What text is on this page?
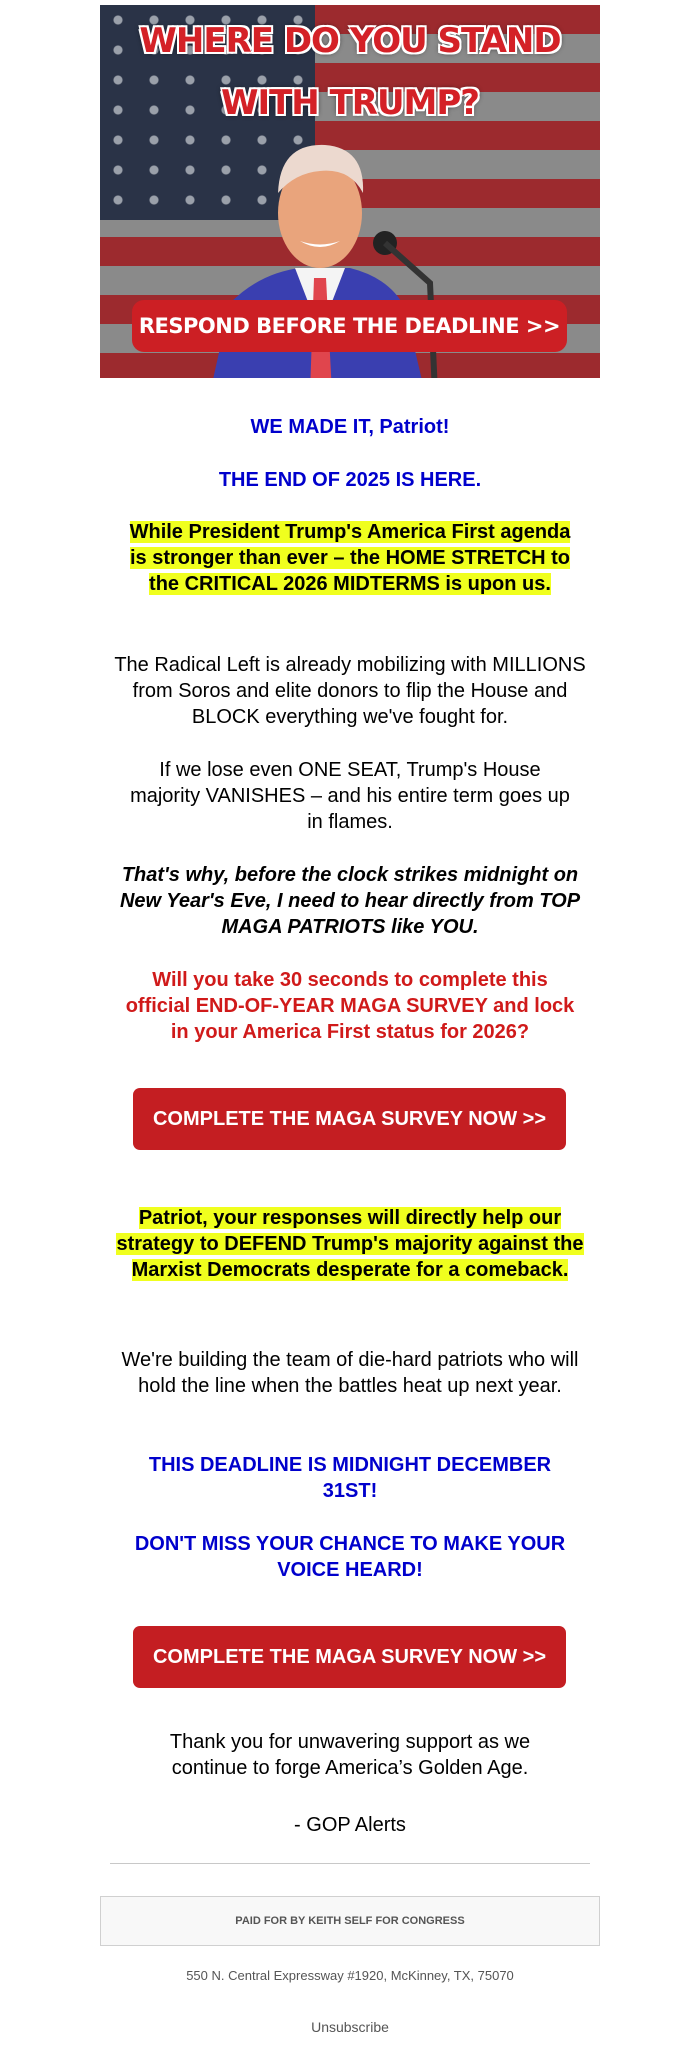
WHERE DO YOU STAND
WITH TRUMP?
RESPOND BEFORE THE DEADLINE >>

WE MADE IT, Patriot!

THE END OF 2025 IS HERE.

While President Trump's America First agenda is stronger than ever – the HOME STRETCH to the CRITICAL 2026 MIDTERMS is upon us.

The Radical Left is already mobilizing with MILLIONS from Soros and elite donors to flip the House and BLOCK everything we've fought for.

If we lose even ONE SEAT, Trump's House majority VANISHES – and his entire term goes up in flames.

That's why, before the clock strikes midnight on New Year's Eve, I need to hear directly from TOP MAGA PATRIOTS like YOU.

Will you take 30 seconds to complete this official END-OF-YEAR MAGA SURVEY and lock in your America First status for 2026?

COMPLETE THE MAGA SURVEY NOW >>

Patriot, your responses will directly help our strategy to DEFEND Trump's majority against the Marxist Democrats desperate for a comeback.

We're building the team of die-hard patriots who will hold the line when the battles heat up next year.

THIS DEADLINE IS MIDNIGHT DECEMBER 31ST!

DON'T MISS YOUR CHANCE TO MAKE YOUR VOICE HEARD!

COMPLETE THE MAGA SURVEY NOW >>

Thank you for unwavering support as we continue to forge America’s Golden Age.

- GOP Alerts

PAID FOR BY KEITH SELF FOR CONGRESS
550 N. Central Expressway #1920, McKinney, TX, 75070
Unsubscribe
